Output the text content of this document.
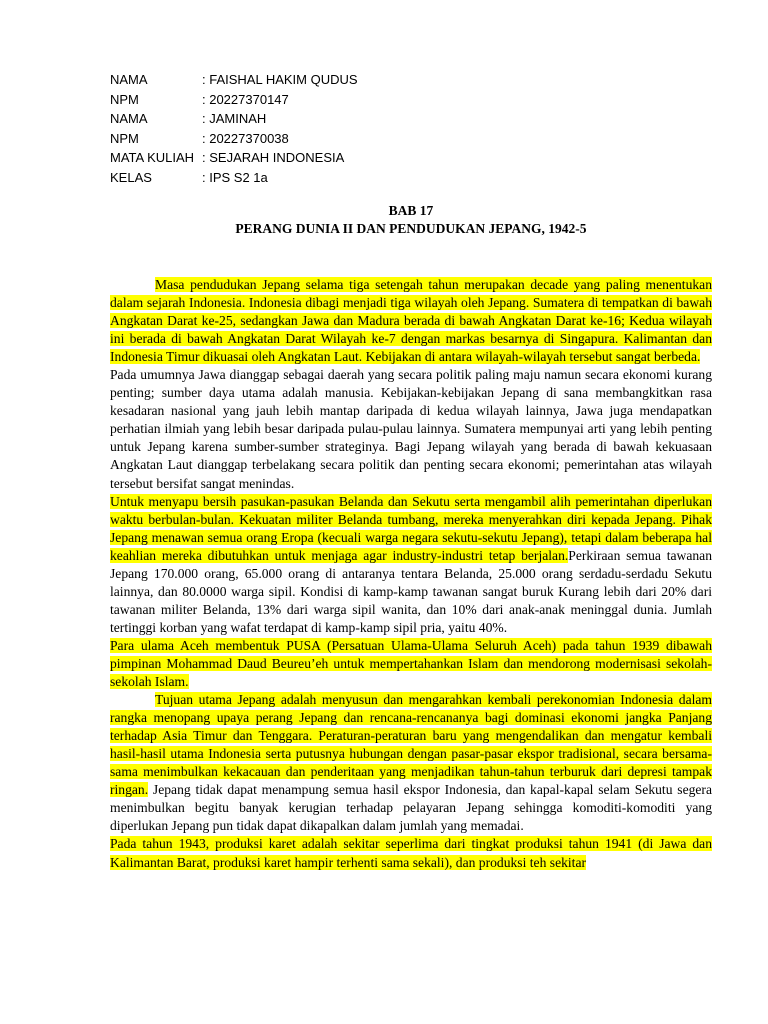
NAMA	: FAISHAL HAKIM QUDUS
NPM	: 20227370147
NAMA	: JAMINAH
NPM	: 20227370038
MATA KULIAH : SEJARAH INDONESIA
KELAS	: IPS S2 1a
BAB 17
PERANG DUNIA II DAN PENDUDUKAN JEPANG, 1942-5

Masa pendudukan Jepang selama tiga setengah tahun merupakan decade yang paling menentukan dalam sejarah Indonesia. Indonesia dibagi menjadi tiga wilayah oleh Jepang. Sumatera di tempatkan di bawah Angkatan Darat ke-25, sedangkan Jawa dan Madura berada di bawah Angkatan Darat ke-16; Kedua wilayah ini berada di bawah Angkatan Darat Wilayah ke-7 dengan markas besarnya di Singapura. Kalimantan dan Indonesia Timur dikuasai oleh Angkatan Laut. Kebijakan di antara wilayah-wilayah tersebut sangat berbeda.

Pada umumnya Jawa dianggap sebagai daerah yang secara politik paling maju namun secara ekonomi kurang penting; sumber daya utama adalah manusia. Kebijakan-kebijakan Jepang di sana membangkitkan rasa kesadaran nasional yang jauh lebih mantap daripada di kedua wilayah lainnya, Jawa juga mendapatkan perhatian ilmiah yang lebih besar daripada pulau-pulau lainnya. Sumatera mempunyai arti yang lebih penting untuk Jepang karena sumber-sumber strateginya. Bagi Jepang wilayah yang berada di bawah kekuasaan Angkatan Laut dianggap terbelakang secara politik dan penting secara ekonomi; pemerintahan atas wilayah tersebut bersifat sangat menindas.

Untuk menyapu bersih pasukan-pasukan Belanda dan Sekutu serta mengambil alih pemerintahan diperlukan waktu berbulan-bulan. Kekuatan militer Belanda tumbang, mereka menyerahkan diri kepada Jepang. Pihak Jepang menawan semua orang Eropa (kecuali warga negara sekutu-sekutu Jepang), tetapi dalam beberapa hal keahlian mereka dibutuhkan untuk menjaga agar industry-industri tetap berjalan.Perkiraan semua tawanan Jepang 170.000 orang, 65.000 orang di antaranya tentara Belanda, 25.000 orang serdadu-serdadu Sekutu lainnya, dan 80.0000 warga sipil. Kondisi di kamp-kamp tawanan sangat buruk Kurang lebih dari 20% dari tawanan militer Belanda, 13% dari warga sipil wanita, dan 10% dari anak-anak meninggal dunia. Jumlah tertinggi korban yang wafat terdapat di kamp-kamp sipil pria, yaitu 40%.

Para ulama Aceh membentuk PUSA (Persatuan Ulama-Ulama Seluruh Aceh) pada tahun 1939 dibawah pimpinan Mohammad Daud Beureu’eh untuk mempertahankan Islam dan mendorong modernisasi sekolah-sekolah Islam.

Tujuan utama Jepang adalah menyusun dan mengarahkan kembali perekonomian Indonesia dalam rangka menopang upaya perang Jepang dan rencana-rencananya bagi dominasi ekonomi jangka Panjang terhadap Asia Timur dan Tenggara. Peraturan-peraturan baru yang mengendalikan dan mengatur kembali hasil-hasil utama Indonesia serta putusnya hubungan dengan pasar-pasar ekspor tradisional, secara bersama-sama menimbulkan kekacauan dan penderitaan yang menjadikan tahun-tahun terburuk dari depresi tampak ringan. Jepang tidak dapat menampung semua hasil ekspor Indonesia, dan kapal-kapal selam Sekutu segera menimbulkan begitu banyak kerugian terhadap pelayaran Jepang sehingga komoditi-komoditi yang diperlukan Jepang pun tidak dapat dikapalkan dalam jumlah yang memadai.

Pada tahun 1943, produksi karet adalah sekitar seperlima dari tingkat produksi tahun 1941 (di Jawa dan Kalimantan Barat, produksi karet hampir terhenti sama sekali), dan produksi teh sekitar
